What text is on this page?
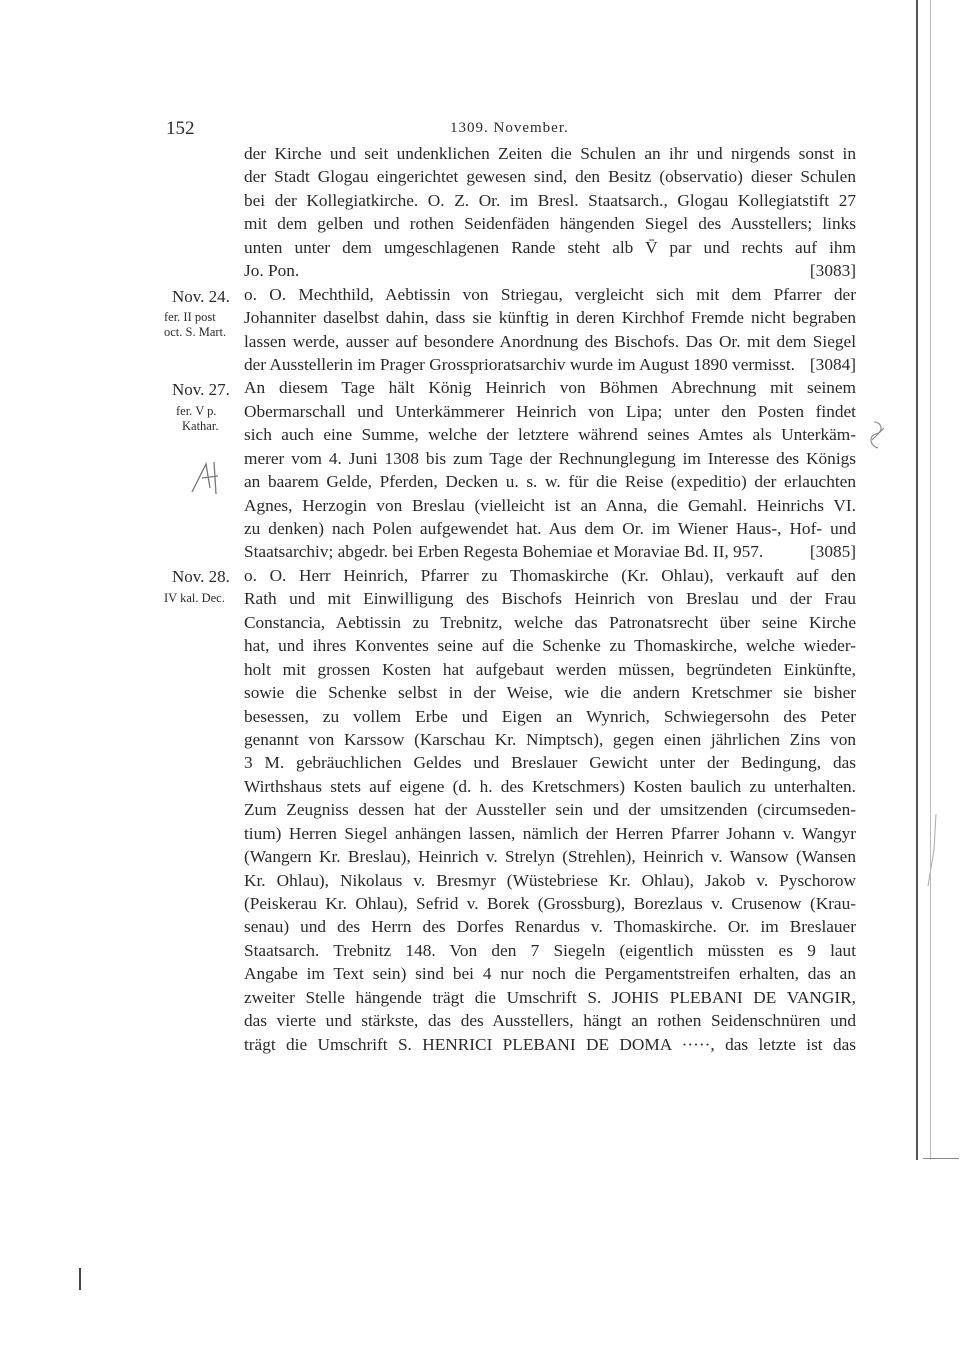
152	1309. November.
Nov. 24.
fer. II post
oct. S. Mart.
Nov. 27.
fer. V p.
Kathar.
Nov. 28.
IV kal. Dec.
der Kirche und seit undenklichen Zeiten die Schulen an ihr und nirgends sonst in
der Stadt Glogau eingerichtet gewesen sind, den Besitz (observatio) dieser Schulen
bei der Kollegiatkirche. O. Z. Or. im Bresl. Staatsarch., Glogau Kollegiatstift 27
mit dem gelben und rothen Seidenfäden hängenden Siegel des Ausstellers; links
unten unter dem umgeschlagenen Rande steht alb V̄ par und rechts auf ihm
Jo. Pon.	[3083]
o. O. Mechthild, Aebtissin von Striegau, vergleicht sich mit dem Pfarrer der
Johanniter daselbst dahin, dass sie künftig in deren Kirchhof Fremde nicht begraben
lassen werde, ausser auf besondere Anordnung des Bischofs. Das Or. mit dem Siegel
der Ausstellerin im Prager Grossprioratsarchiv wurde im August 1890 vermisst. [3084]
An diesem Tage hält König Heinrich von Böhmen Abrechnung mit seinem
Obermarschall und Unterkämmerer Heinrich von Lipa; unter den Posten findet
sich auch eine Summe, welche der letztere während seines Amtes als Unterkäm-
merer vom 4. Juni 1308 bis zum Tage der Rechnunglegung im Interesse des Königs
an baarem Gelde, Pferden, Decken u. s. w. für die Reise (expeditio) der erlauchten
Agnes, Herzogin von Breslau (vielleicht ist an Anna, die Gemahl. Heinrichs VI.
zu denken) nach Polen aufgewendet hat. Aus dem Or. im Wiener Haus-, Hof- und
Staatsarchiv; abgedr. bei Erben Regesta Bohemiae et Moraviae Bd. II, 957.	[3085]
o. O. Herr Heinrich, Pfarrer zu Thomaskirche (Kr. Ohlau), verkauft auf den
Rath und mit Einwilligung des Bischofs Heinrich von Breslau und der Frau
Constancia, Aebtissin zu Trebnitz, welche das Patronatsrecht über seine Kirche
hat, und ihres Konventes seine auf die Schenke zu Thomaskirche, welche wieder-
holt mit grossen Kosten hat aufgebaut werden müssen, begründeten Einkünfte,
sowie die Schenke selbst in der Weise, wie die andern Kretschmer sie bisher
besessen, zu vollem Erbe und Eigen an Wynrich, Schwiegersohn des Peter
genannt von Karssow (Karschau Kr. Nimptsch), gegen einen jährlichen Zins von
3 M. gebräuchlichen Geldes und Breslauer Gewicht unter der Bedingung, das
Wirthshaus stets auf eigene (d. h. des Kretschmers) Kosten baulich zu unterhalten.
Zum Zeugniss dessen hat der Aussteller sein und der umsitzenden (circumseden-
tium) Herren Siegel anhängen lassen, nämlich der Herren Pfarrer Johann v. Wangyr
(Wangern Kr. Breslau), Heinrich v. Strelyn (Strehlen), Heinrich v. Wansow (Wansen
Kr. Ohlau), Nikolaus v. Bresmyr (Wüstebriese Kr. Ohlau), Jakob v. Pyschorow
(Peiskerau Kr. Ohlau), Sefrid v. Borek (Grossburg), Borezlaus v. Crusenow (Krau-
senau) und des Herrn des Dorfes Renardus v. Thomaskirche. Or. im Breslauer
Staatsarch. Trebnitz 148. Von den 7 Siegeln (eigentlich müssten es 9 laut
Angabe im Text sein) sind bei 4 nur noch die Pergamentstreifen erhalten, das an
zweiter Stelle hängende trägt die Umschrift S. JOHIS PLEBANI DE VANGIR,
das vierte und stärkste, das des Ausstellers, hängt an rothen Seidenschnüren und
trägt die Umschrift S. HENRICI PLEBANI DE DOMA ·····, das letzte ist das
